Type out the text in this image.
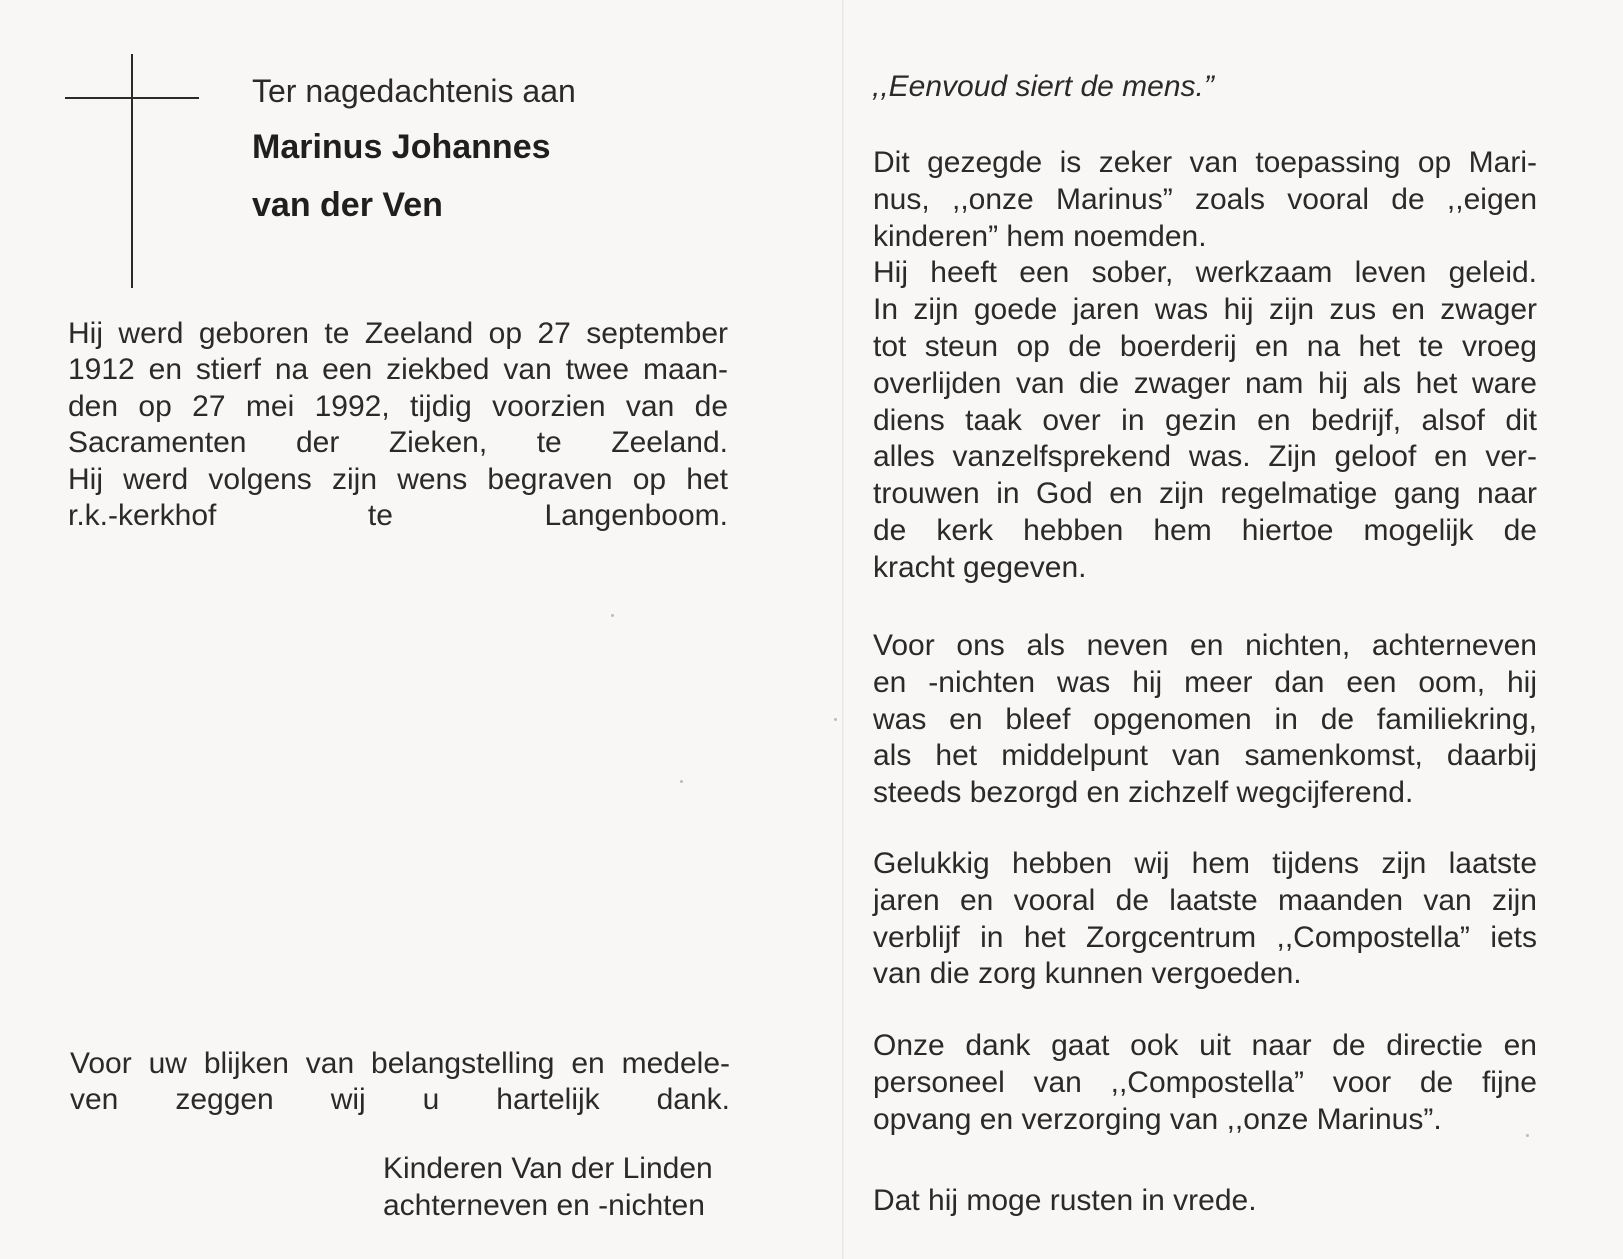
Ter nagedachtenis aan
Marinus Johannes
van der Ven
Hij werd geboren te Zeeland op 27 september
1912 en stierf na een ziekbed van twee maan-
den op 27 mei 1992, tijdig voorzien van de
Sacramenten der Zieken, te Zeeland.
Hij werd volgens zijn wens begraven op het
r.k.-kerkhof te Langenboom.
Voor uw blijken van belangstelling en medele-
ven zeggen wij u hartelijk dank.
Kinderen Van der Linden
achterneven en -nichten
,,Eenvoud siert de mens.”
Dit gezegde is zeker van toepassing op Mari-
nus, ,,onze Marinus” zoals vooral de ,,eigen
kinderen” hem noemden.
Hij heeft een sober, werkzaam leven geleid.
In zijn goede jaren was hij zijn zus en zwager
tot steun op de boerderij en na het te vroeg
overlijden van die zwager nam hij als het ware
diens taak over in gezin en bedrijf, alsof dit
alles vanzelfsprekend was. Zijn geloof en ver-
trouwen in God en zijn regelmatige gang naar
de kerk hebben hem hiertoe mogelijk de
kracht gegeven.
Voor ons als neven en nichten, achterneven
en -nichten was hij meer dan een oom, hij
was en bleef opgenomen in de familiekring,
als het middelpunt van samenkomst, daarbij
steeds bezorgd en zichzelf wegcijferend.
Gelukkig hebben wij hem tijdens zijn laatste
jaren en vooral de laatste maanden van zijn
verblijf in het Zorgcentrum ,,Compostella” iets
van die zorg kunnen vergoeden.
Onze dank gaat ook uit naar de directie en
personeel van ,,Compostella” voor de fijne
opvang en verzorging van ,,onze Marinus”.
Dat hij moge rusten in vrede.
